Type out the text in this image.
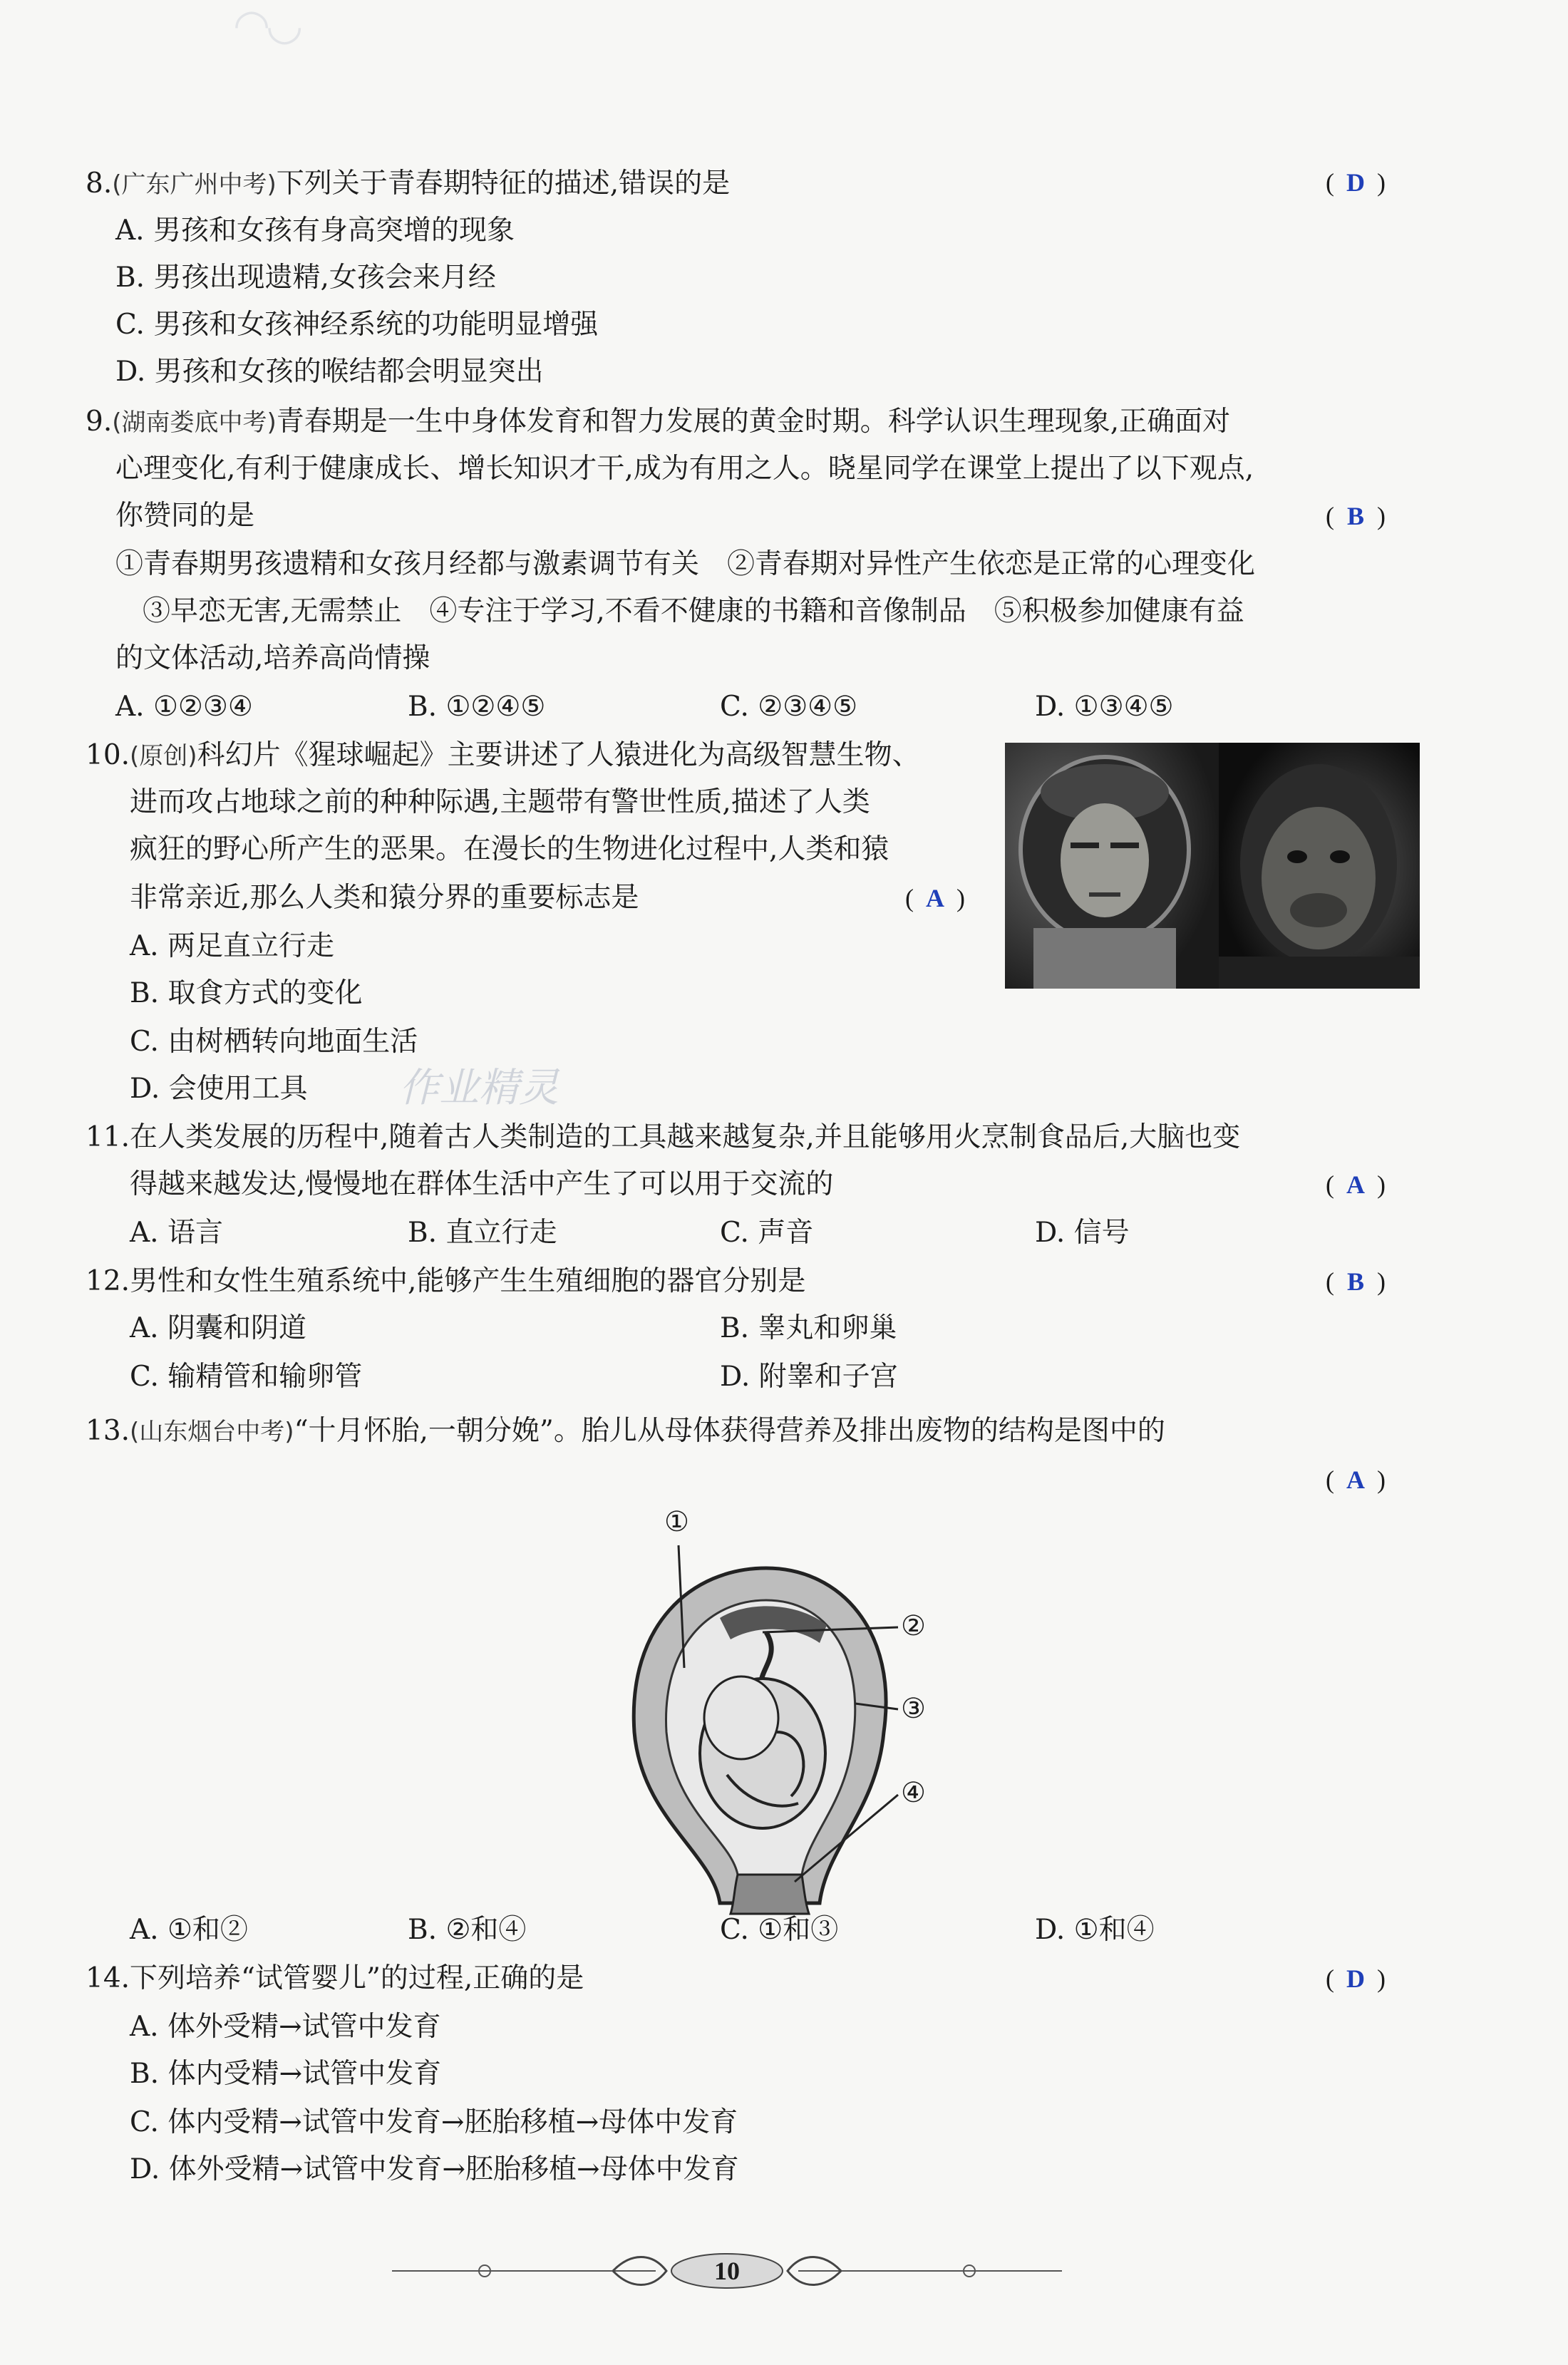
◠◡
8.(广东广州中考)下列关于青春期特征的描述,错误的是	( D )
A. 男孩和女孩有身高突增的现象
B. 男孩出现遗精,女孩会来月经
C. 男孩和女孩神经系统的功能明显增强
D. 男孩和女孩的喉结都会明显突出
9.(湖南娄底中考)青春期是一生中身体发育和智力发展的黄金时期。科学认识生理现象,正确面对
心理变化,有利于健康成长、增长知识才干,成为有用之人。晓星同学在课堂上提出了以下观点,
你赞同的是	( B )
①青春期男孩遗精和女孩月经都与激素调节有关　②青春期对异性产生依恋是正常的心理变化
③早恋无害,无需禁止　④专注于学习,不看不健康的书籍和音像制品　⑤积极参加健康有益
的文体活动,培养高尚情操
A. ①②③④	B. ①②④⑤	C. ②③④⑤	D. ①③④⑤
10.(原创)科幻片《猩球崛起》主要讲述了人猿进化为高级智慧生物、
进而攻占地球之前的种种际遇,主题带有警世性质,描述了人类
疯狂的野心所产生的恶果。在漫长的生物进化过程中,人类和猿
非常亲近,那么人类和猿分界的重要标志是	( A )
A. 两足直立行走
B. 取食方式的变化
C. 由树栖转向地面生活
D. 会使用工具 作业精灵
11.在人类发展的历程中,随着古人类制造的工具越来越复杂,并且能够用火烹制食品后,大脑也变
得越来越发达,慢慢地在群体生活中产生了可以用于交流的	( A )
A. 语言	B. 直立行走	C. 声音	D. 信号
12.男性和女性生殖系统中,能够产生生殖细胞的器官分别是	( B )
A. 阴囊和阴道	B. 睾丸和卵巢
C. 输精管和输卵管	D. 附睾和子宫
13.(山东烟台中考)“十月怀胎,一朝分娩”。胎儿从母体获得营养及排出废物的结构是图中的
( A )
①
②
③
④
A. ①和②	B. ②和④	C. ①和③	D. ①和④
14.下列培养“试管婴儿”的过程,正确的是	( D )
A. 体外受精→试管中发育
B. 体内受精→试管中发育
C. 体内受精→试管中发育→胚胎移植→母体中发育
D. 体外受精→试管中发育→胚胎移植→母体中发育
10
